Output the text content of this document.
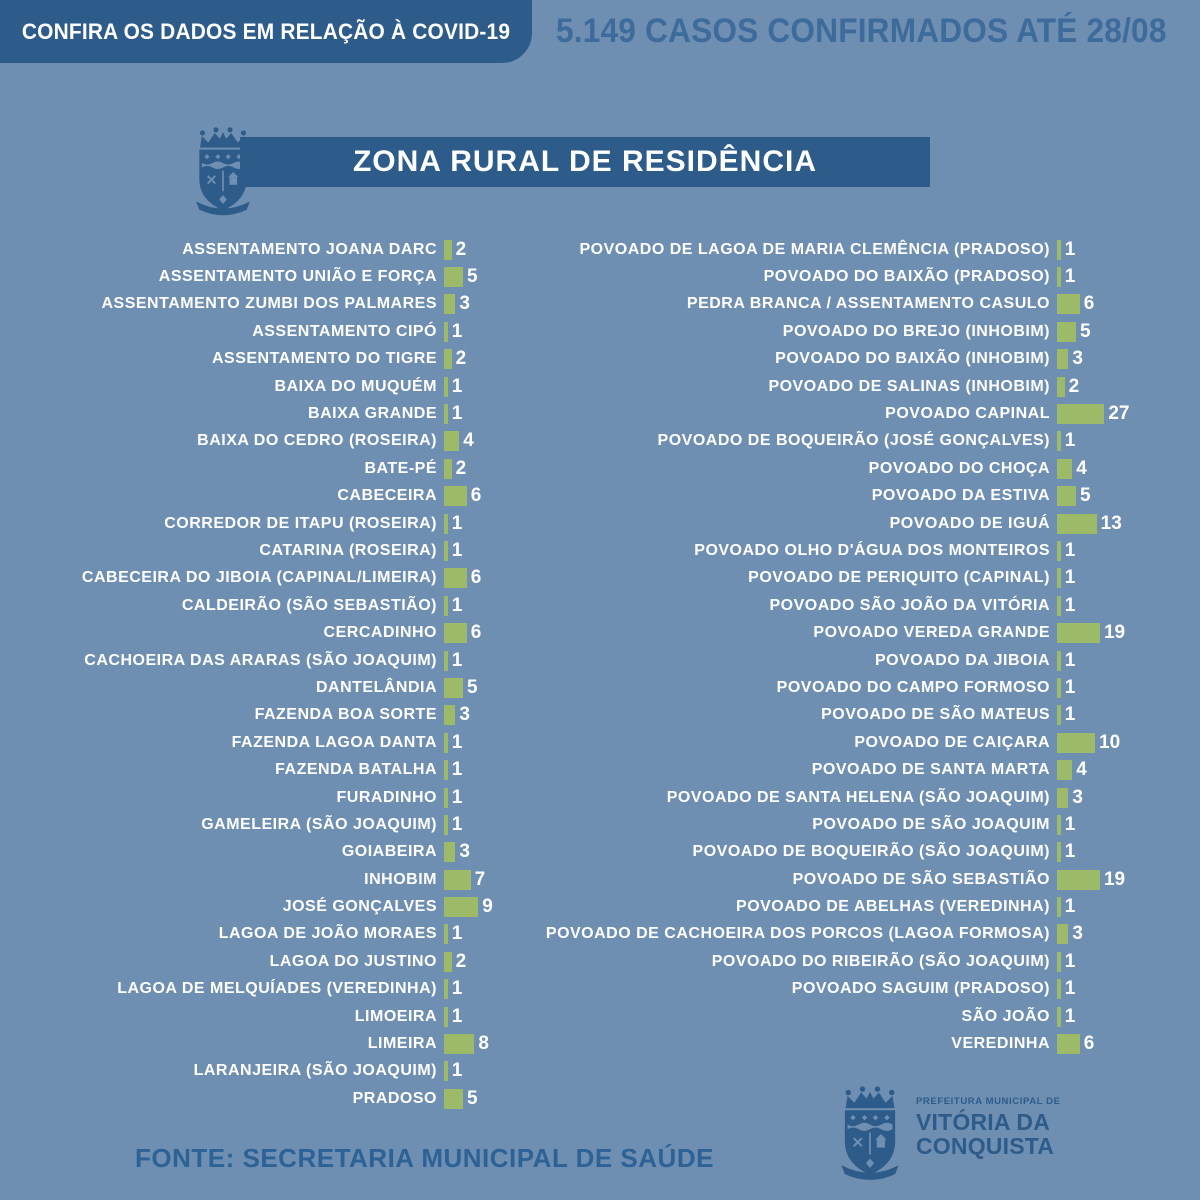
CONFIRA OS DADOS EM RELAÇÃO À COVID-19 5.149 CASOS CONFIRMADOS ATÉ 28/08
ZONA RURAL DE RESIDÊNCIA
ASSENTAMENTO JOANA DARC 2
ASSENTAMENTO UNIÃO E FORÇA 5
ASSENTAMENTO ZUMBI DOS PALMARES 3
ASSENTAMENTO CIPÓ 1
ASSENTAMENTO DO TIGRE 2
BAIXA DO MUQUÉM 1
BAIXA GRANDE 1
BAIXA DO CEDRO (ROSEIRA) 4
BATE-PÉ 2
CABECEIRA 6
CORREDOR DE ITAPU (ROSEIRA) 1
CATARINA (ROSEIRA) 1
CABECEIRA DO JIBOIA (CAPINAL/LIMEIRA) 6
CALDEIRÃO (SÃO SEBASTIÃO) 1
CERCADINHO 6
CACHOEIRA DAS ARARAS (SÃO JOAQUIM) 1
DANTELÂNDIA 5
FAZENDA BOA SORTE 3
FAZENDA LAGOA DANTA 1
FAZENDA BATALHA 1
FURADINHO 1
GAMELEIRA (SÃO JOAQUIM) 1
GOIABEIRA 3
INHOBIM 7
JOSÉ GONÇALVES 9
LAGOA DE JOÃO MORAES 1
LAGOA DO JUSTINO 2
LAGOA DE MELQUÍADES (VEREDINHA) 1
LIMOEIRA 1
LIMEIRA 8
LARANJEIRA (SÃO JOAQUIM) 1
PRADOSO 5
POVOADO DE LAGOA DE MARIA CLEMÊNCIA (PRADOSO) 1
POVOADO DO BAIXÃO (PRADOSO) 1
PEDRA BRANCA / ASSENTAMENTO CASULO 6
POVOADO DO BREJO (INHOBIM) 5
POVOADO DO BAIXÃO (INHOBIM) 3
POVOADO DE SALINAS (INHOBIM) 2
POVOADO CAPINAL	27
POVOADO DE BOQUEIRÃO (JOSÉ GONÇALVES) 1
POVOADO DO CHOÇA 4
POVOADO DA ESTIVA 5
POVOADO DE IGUÁ	13
POVOADO OLHO D'ÁGUA DOS MONTEIROS 1
POVOADO DE PERIQUITO (CAPINAL) 1
POVOADO SÃO JOÃO DA VITÓRIA 1
POVOADO VEREDA GRANDE	19
POVOADO DA JIBOIA 1
POVOADO DO CAMPO FORMOSO 1
POVOADO DE SÃO MATEUS 1
POVOADO DE CAIÇARA	10
POVOADO DE SANTA MARTA 4
POVOADO DE SANTA HELENA (SÃO JOAQUIM) 3
POVOADO DE SÃO JOAQUIM 1
POVOADO DE BOQUEIRÃO (SÃO JOAQUIM) 1
POVOADO DE SÃO SEBASTIÃO	19
POVOADO DE ABELHAS (VEREDINHA) 1
POVOADO DE CACHOEIRA DOS PORCOS (LAGOA FORMOSA) 3
POVOADO DO RIBEIRÃO (SÃO JOAQUIM) 1
POVOADO SAGUIM (PRADOSO) 1
SÃO JOÃO 1
VEREDINHA 6
FONTE: SECRETARIA MUNICIPAL DE SAÚDE
PREFEITURA MUNICIPAL DE
VITÓRIA DA
CONQUISTA
